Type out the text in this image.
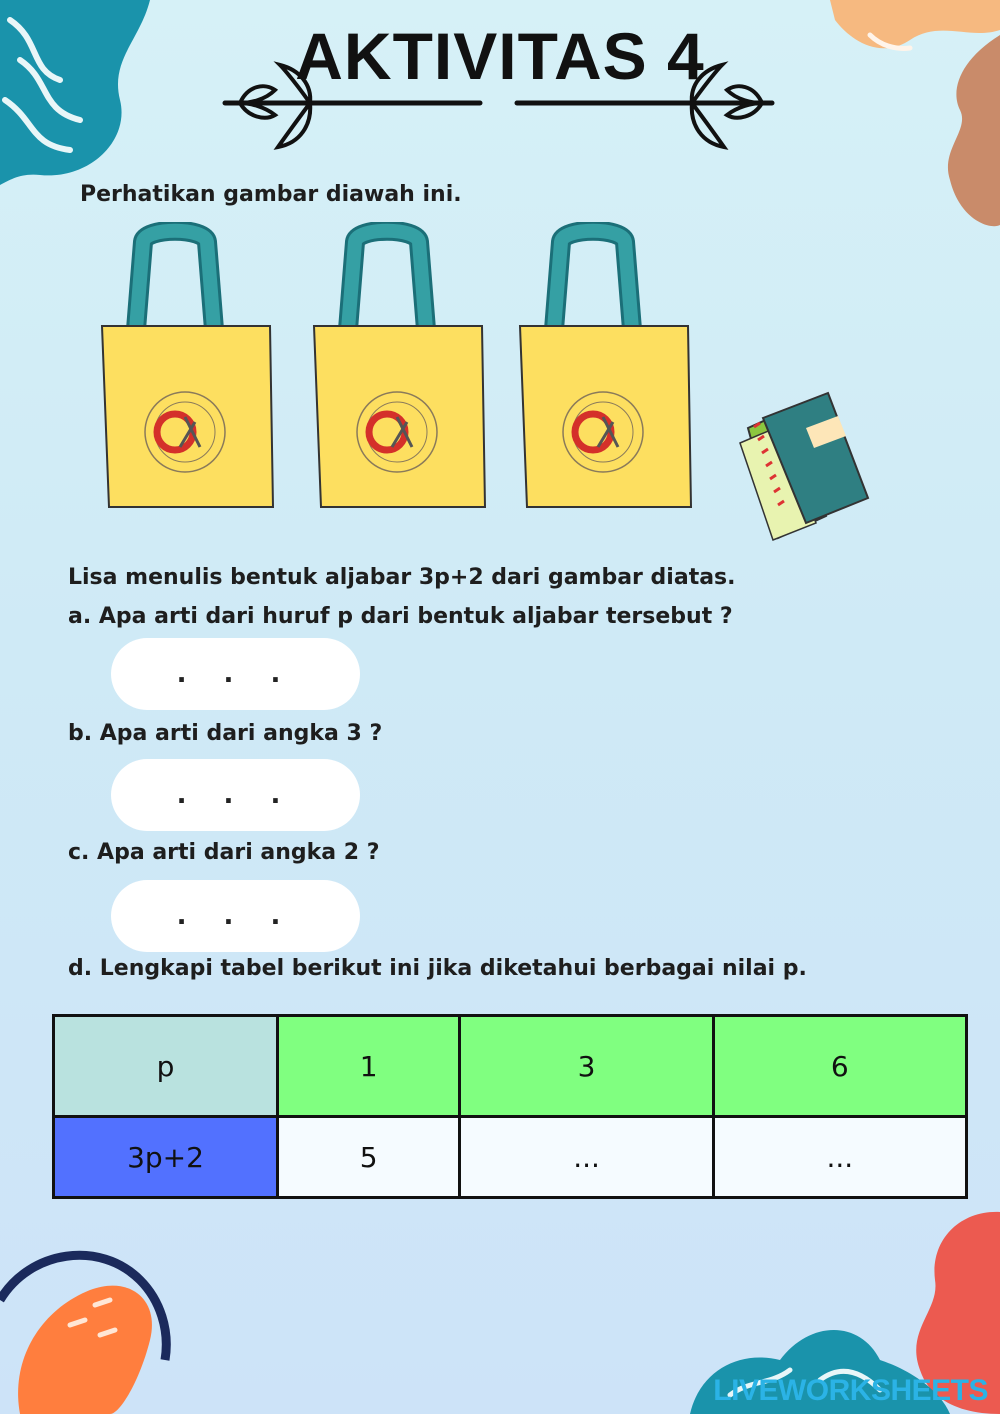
AKTIVITAS 4

Perhatikan gambar diawah ini.

Lisa menulis bentuk aljabar 3p+2 dari gambar diatas.

a. Apa arti dari huruf p dari bentuk aljabar tersebut ?

. . .

b. Apa arti dari angka 3 ?

. . .

c. Apa arti dari angka 2 ?

. . .

d. Lengkapi tabel berikut ini jika diketahui berbagai nilai p.

p	1	3	6
3p+2	5	...	...
LIVEWORKSHEETS
